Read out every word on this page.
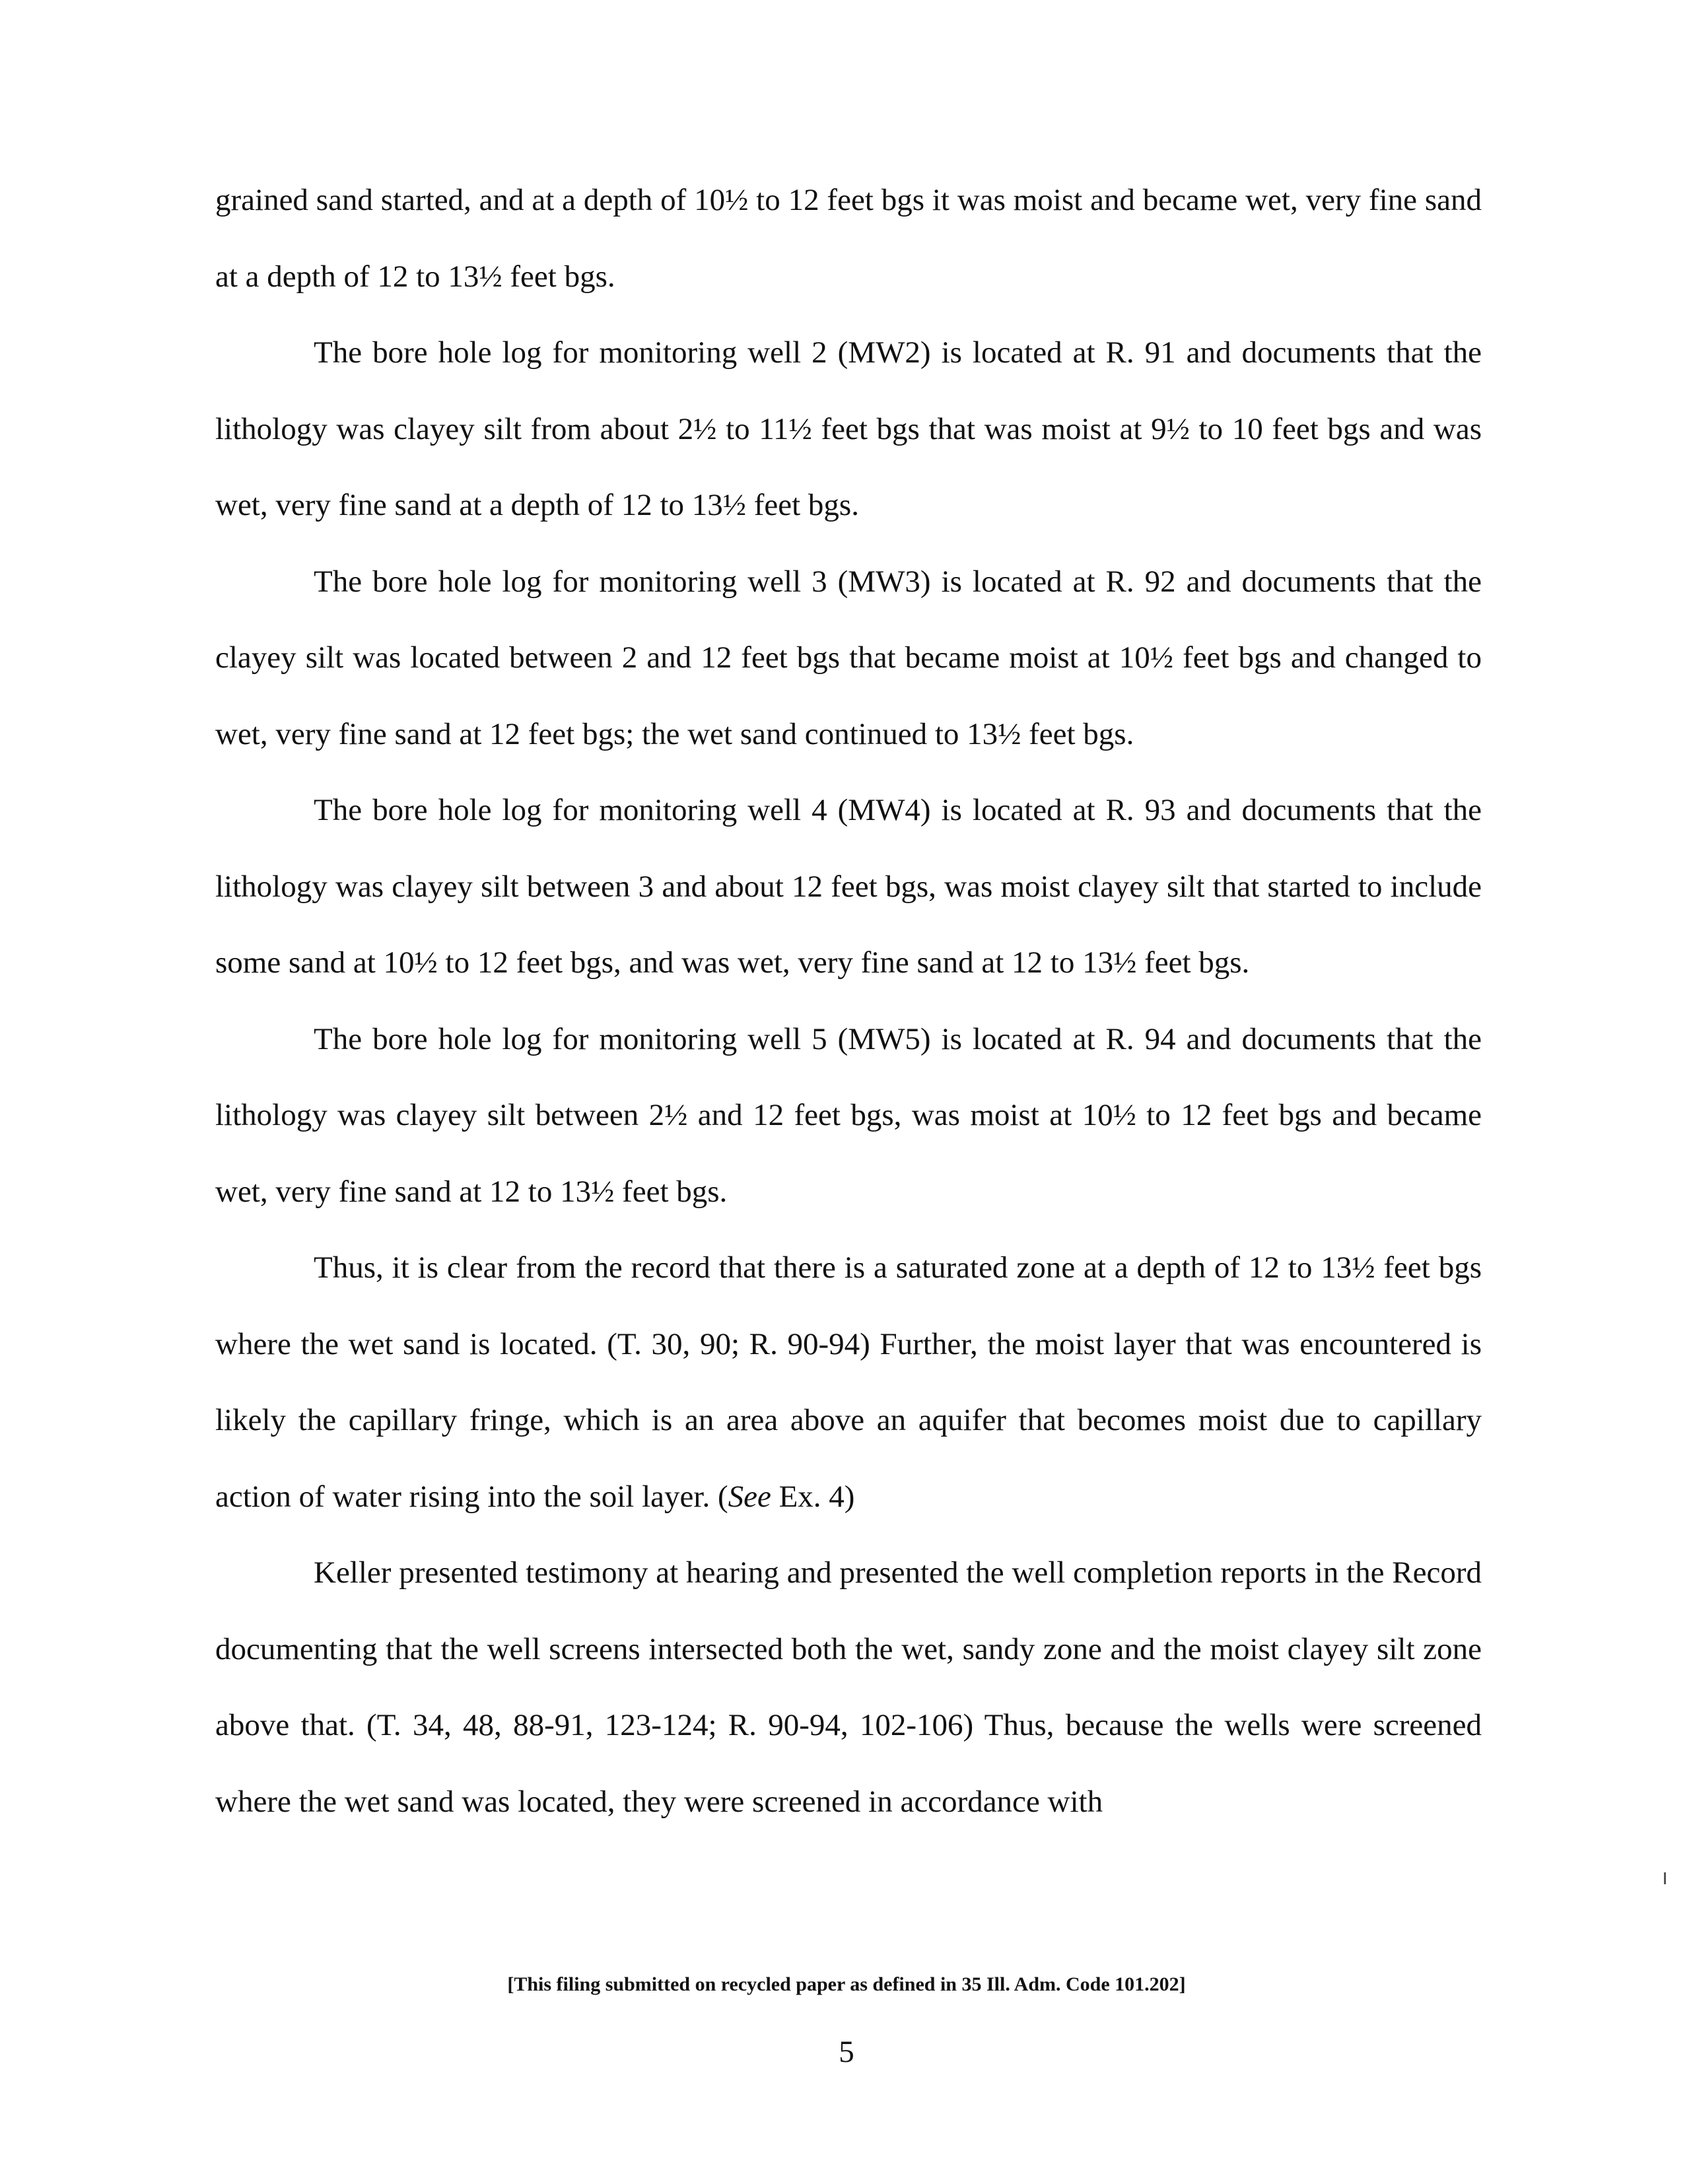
grained sand started, and at a depth of 10½ to 12 feet bgs it was moist and became wet, very fine sand at a depth of 12 to 13½ feet bgs.

The bore hole log for monitoring well 2 (MW2) is located at R. 91 and documents that the lithology was clayey silt from about 2½ to 11½ feet bgs that was moist at 9½ to 10 feet bgs and was wet, very fine sand at a depth of 12 to 13½ feet bgs.

The bore hole log for monitoring well 3 (MW3) is located at R. 92 and documents that the clayey silt was located between 2 and 12 feet bgs that became moist at 10½ feet bgs and changed to wet, very fine sand at 12 feet bgs; the wet sand continued to 13½ feet bgs.

The bore hole log for monitoring well 4 (MW4) is located at R. 93 and documents that the lithology was clayey silt between 3 and about 12 feet bgs, was moist clayey silt that started to include some sand at 10½ to 12 feet bgs, and was wet, very fine sand at 12 to 13½ feet bgs.

The bore hole log for monitoring well 5 (MW5) is located at R. 94 and documents that the lithology was clayey silt between 2½ and 12 feet bgs, was moist at 10½ to 12 feet bgs and became wet, very fine sand at 12 to 13½ feet bgs.

Thus, it is clear from the record that there is a saturated zone at a depth of 12 to 13½ feet bgs where the wet sand is located. (T. 30, 90; R. 90-94) Further, the moist layer that was encountered is likely the capillary fringe, which is an area above an aquifer that becomes moist due to capillary action of water rising into the soil layer. (See Ex. 4)

Keller presented testimony at hearing and presented the well completion reports in the Record documenting that the well screens intersected both the wet, sandy zone and the moist clayey silt zone above that. (T. 34, 48, 88-91, 123-124; R. 90-94, 102-106) Thus, because the wells were screened where the wet sand was located, they were screened in accordance with

[This filing submitted on recycled paper as defined in 35 Ill. Adm. Code 101.202]
5
